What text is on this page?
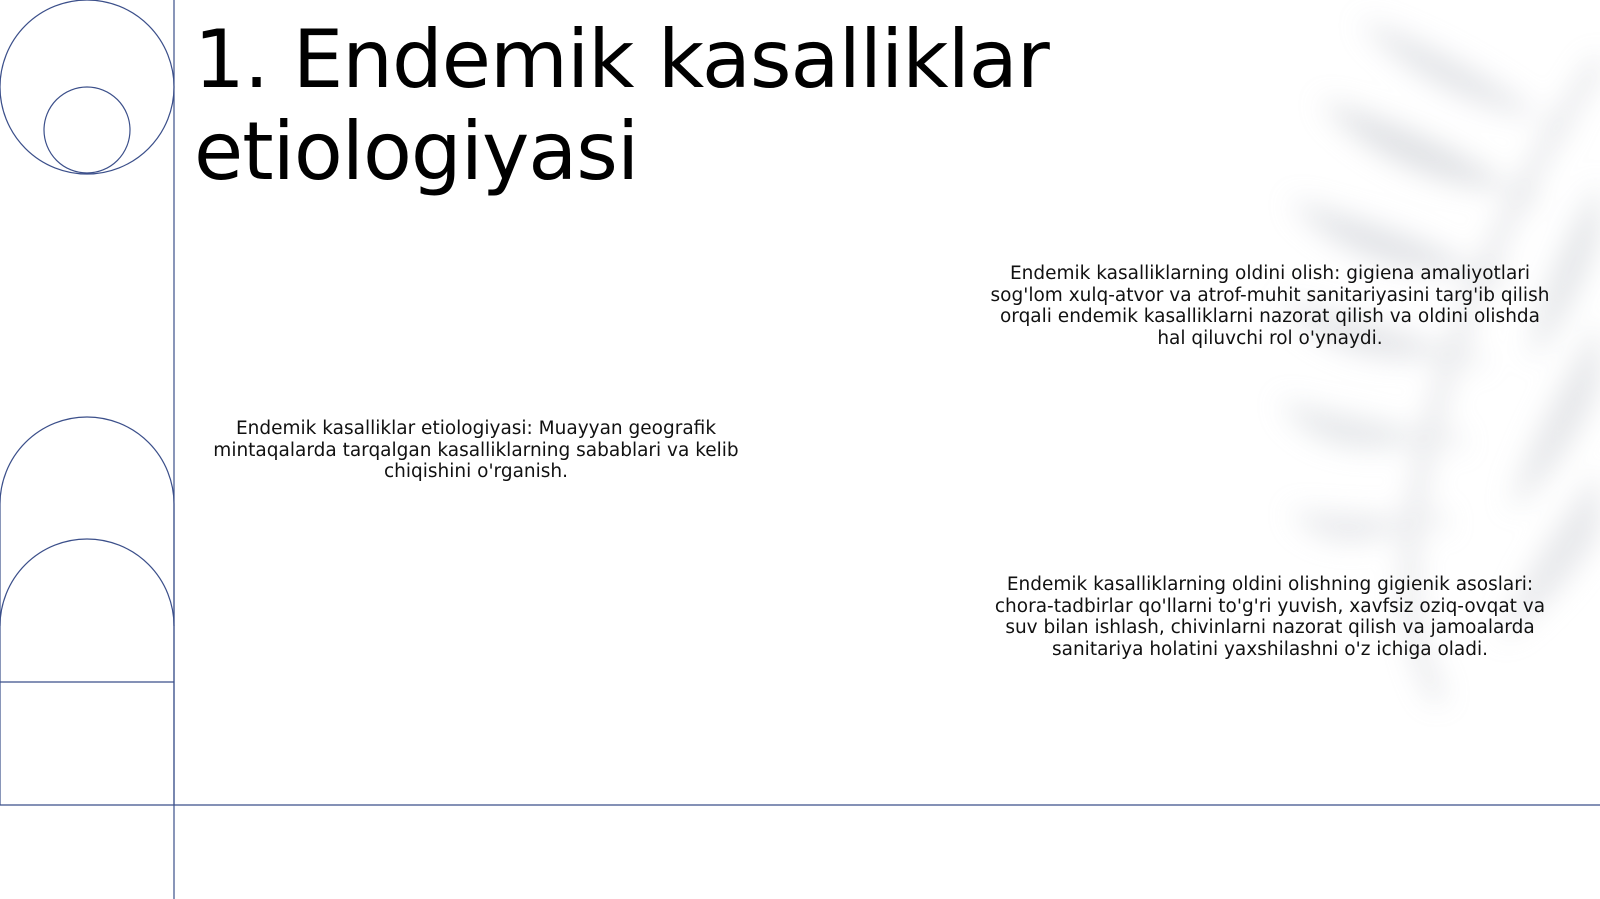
1. Endemik kasalliklar etiologiyasi

Endemik kasalliklar etiologiyasi: Muayyan geografik mintaqalarda tarqalgan kasalliklarning sabablari va kelib chiqishini o'rganish.

Endemik kasalliklarning oldini olish: gigiena amaliyotlari sog'lom xulq-atvor va atrof-muhit sanitariyasini targ'ib qilish orqali endemik kasalliklarni nazorat qilish va oldini olishda hal qiluvchi rol o'ynaydi.

Endemik kasalliklarning oldini olishning gigienik asoslari: chora-tadbirlar qo'llarni to'g'ri yuvish, xavfsiz oziq-ovqat va suv bilan ishlash, chivinlarni nazorat qilish va jamoalarda sanitariya holatini yaxshilashni o'z ichiga oladi.
